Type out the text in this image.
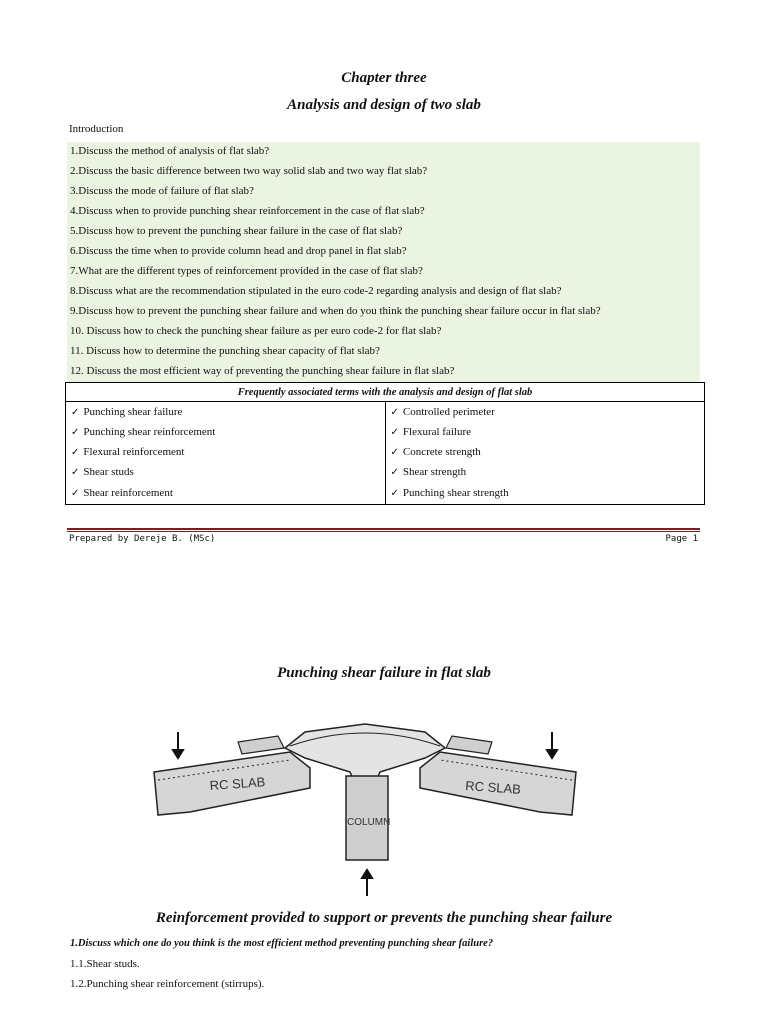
Chapter three
Analysis and design of two slab
Introduction
1.Discuss the method of analysis of flat slab?
2.Discuss the basic difference between two way solid slab and two way flat slab?
3.Discuss the mode of failure of flat slab?
4.Discuss when to provide punching shear reinforcement in the case of flat slab?
5.Discuss how to prevent the punching shear failure in the case of flat slab?
6.Discuss the time when to provide column head and drop panel in flat slab?
7.What are the different types of reinforcement provided in the case of flat slab?
8.Discuss what are the recommendation stipulated in the euro code-2 regarding analysis and design of flat slab?
9.Discuss how to prevent the punching shear failure and when do you think the punching shear failure occur in flat slab?
10. Discuss how to check the punching shear failure as per euro code-2 for flat slab?
11. Discuss how to determine the punching shear capacity of flat slab?
12. Discuss the most efficient way of preventing the punching shear failure in flat slab?
Frequently associated terms with the analysis and design of flat slab	
✓ Punching shear failure	✓ Controlled perimeter
✓ Punching shear reinforcement	✓ Flexural failure
✓ Flexural reinforcement	✓ Concrete strength
✓ Shear studs	✓ Shear strength
✓ Shear reinforcement	✓ Punching shear strength
Prepared by Dereje B. (MSc)	Page 1
Punching shear failure in flat slab
RC SLAB	RC SLAB
COLUMN
Reinforcement provided to support or prevents the punching shear failure
1.Discuss which one do you think is the most efficient method preventing punching shear failure?
1.1.Shear studs.
1.2.Punching shear reinforcement (stirrups).
